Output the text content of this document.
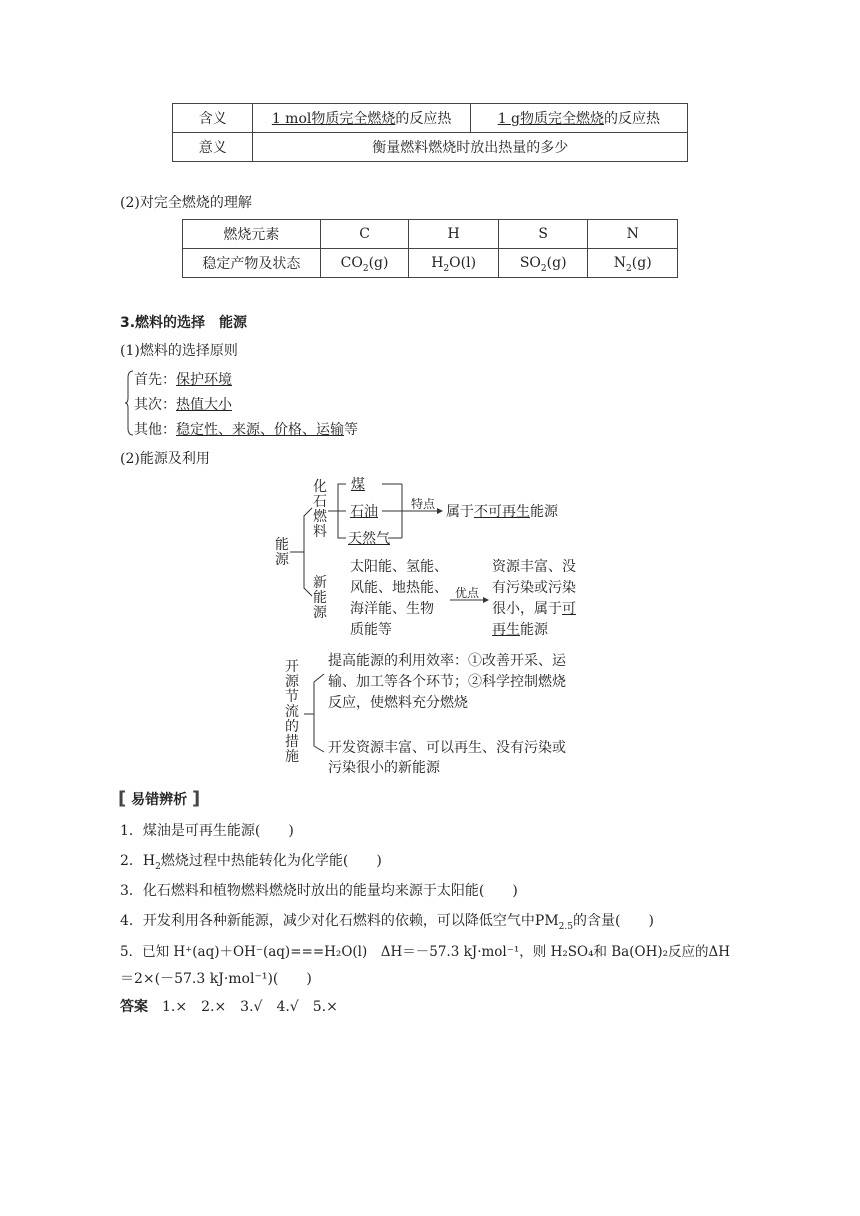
含义	1 mol物质完全燃烧的反应热	1 g物质完全燃烧的反应热
意义	衡量燃料燃烧时放出热量的多少	
(2)对完全燃烧的理解
燃烧元素	C	H	S	N
稳定产物及状态	$CO_2(g)$	$H_2O(l)$	$SO_2(g)$	$N_2(g)$
3.燃料的选择　能源
(1)燃料的选择原则
首先：保护环境
其次：热值大小
其他：稳定性、来源、价格、运输等
(2)能源及利用
能源
化石燃料
煤
石油
天然气
特点 属于不可再生能源
新能源
太阳能、氢能、
风能、地热能、
海洋能、生物
质能等
优点
资源丰富、没
有污染或污染
很小，属于可
再生能源
开源节流的措施
提高能源的利用效率：①改善开采、运
输、加工等各个环节；②科学控制燃烧
反应，使燃料充分燃烧
开发资源丰富、可以再生、没有污染或
污染很小的新能源
[ 易错辨析 ]
1．煤油是可再生能源(　　)
2．$H_2$燃烧过程中热能转化为化学能(　　)
3．化石燃料和植物燃料燃烧时放出的能量均来源于太阳能(　　)
4．开发利用各种新能源，减少对化石燃料的依赖，可以降低空气中$PM_{2.5}$的含量(　　)
5．已知 H⁺(aq)＋OH⁻(aq)===H₂O(l)　ΔH＝－57.3 kJ·mol⁻¹，则 H₂SO₄和 Ba(OH)₂反应的ΔH
＝2×(－57.3 kJ·mol⁻¹)(　　)
答案　 1.×　2.×　3.√　4.√　5.×
